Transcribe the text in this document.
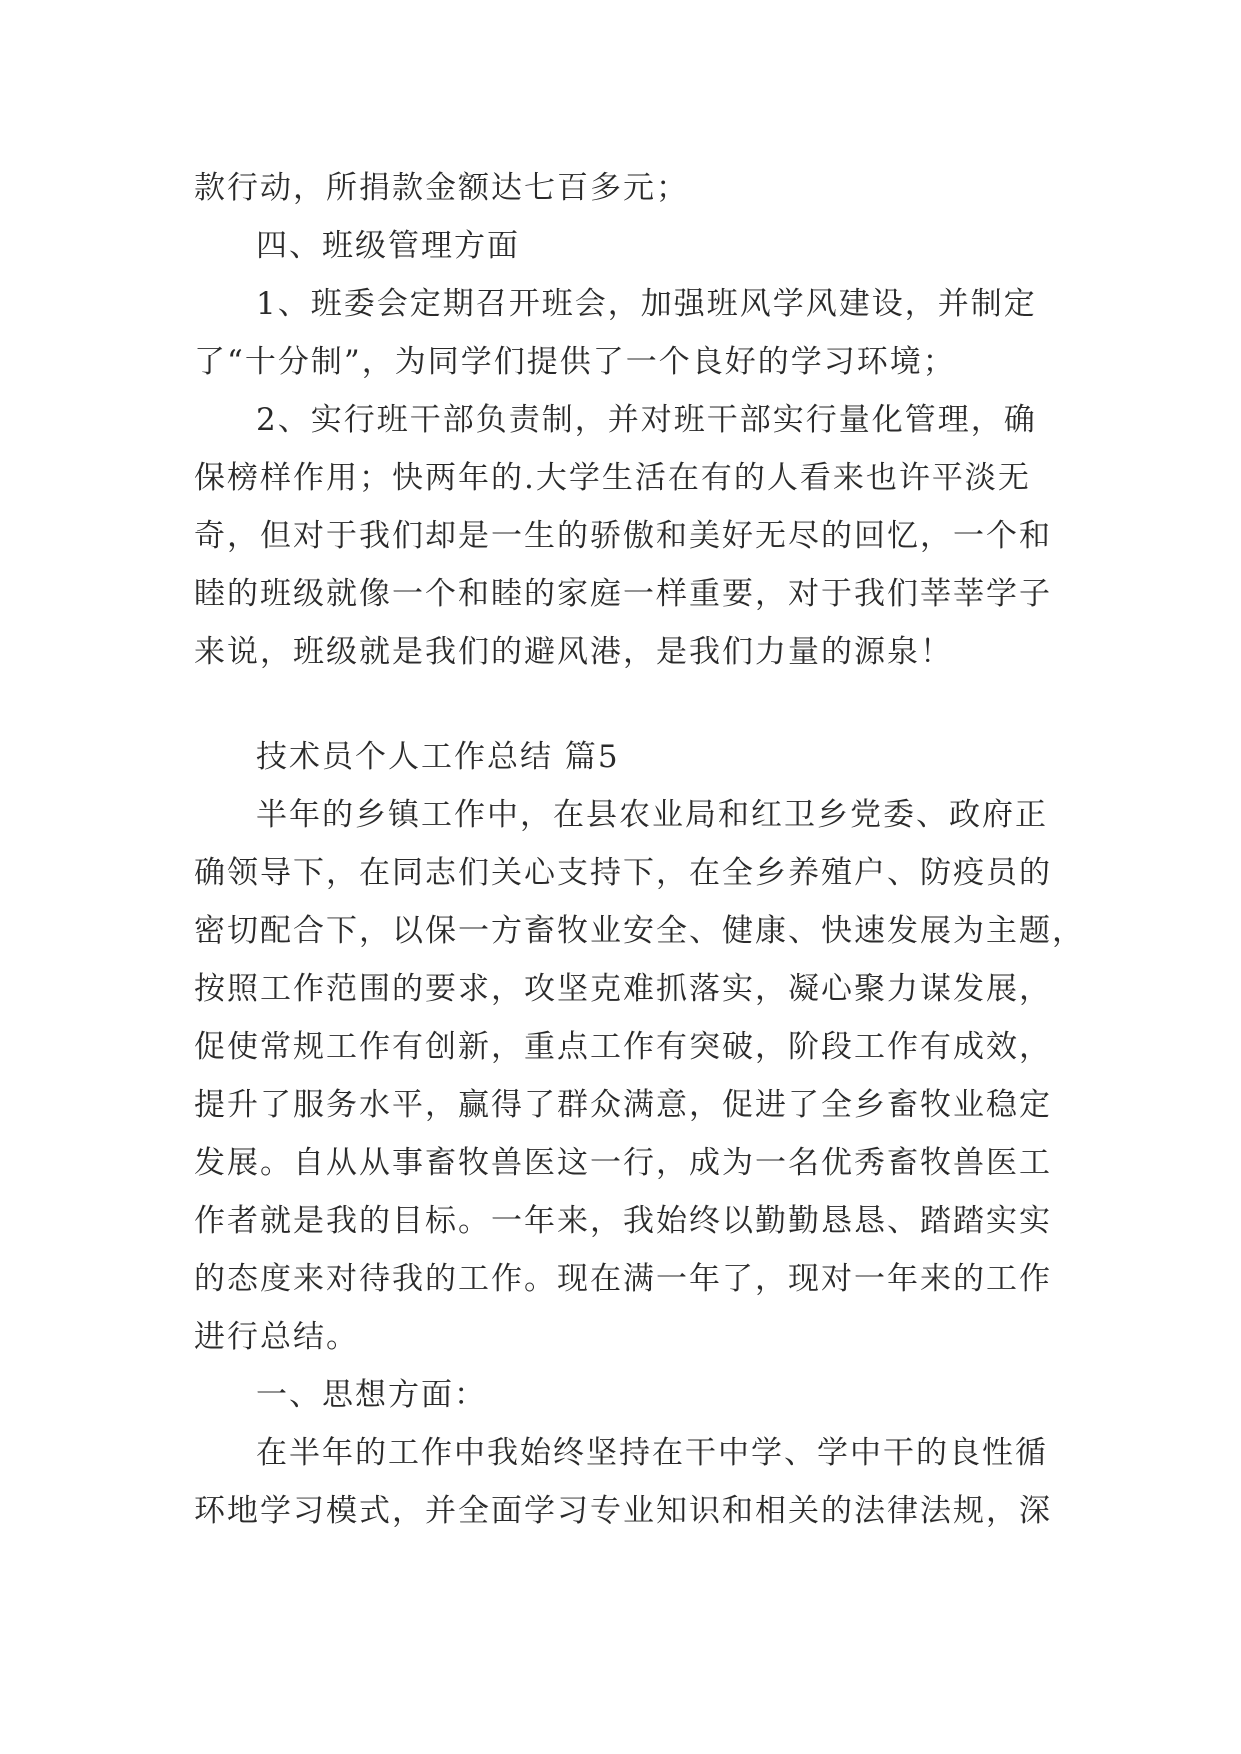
款行动，所捐款金额达七百多元；
四、班级管理方面
1、班委会定期召开班会，加强班风学风建设，并制定
了“十分制”，为同学们提供了一个良好的学习环境；
2、实行班干部负责制，并对班干部实行量化管理，确
保榜样作用；快两年的.大学生活在有的人看来也许平淡无
奇，但对于我们却是一生的骄傲和美好无尽的回忆，一个和
睦的班级就像一个和睦的家庭一样重要，对于我们莘莘学子
来说，班级就是我们的避风港，是我们力量的源泉！
技术员个人工作总结 篇5
半年的乡镇工作中，在县农业局和红卫乡党委、政府正
确领导下，在同志们关心支持下，在全乡养殖户、防疫员的
密切配合下，以保一方畜牧业安全、健康、快速发展为主题，
按照工作范围的要求，攻坚克难抓落实，凝心聚力谋发展，
促使常规工作有创新，重点工作有突破，阶段工作有成效，
提升了服务水平，赢得了群众满意，促进了全乡畜牧业稳定
发展。自从从事畜牧兽医这一行，成为一名优秀畜牧兽医工
作者就是我的目标。一年来，我始终以勤勤恳恳、踏踏实实
的态度来对待我的工作。现在满一年了，现对一年来的工作
进行总结。
一、思想方面：
在半年的工作中我始终坚持在干中学、学中干的良性循
环地学习模式，并全面学习专业知识和相关的法律法规，深
